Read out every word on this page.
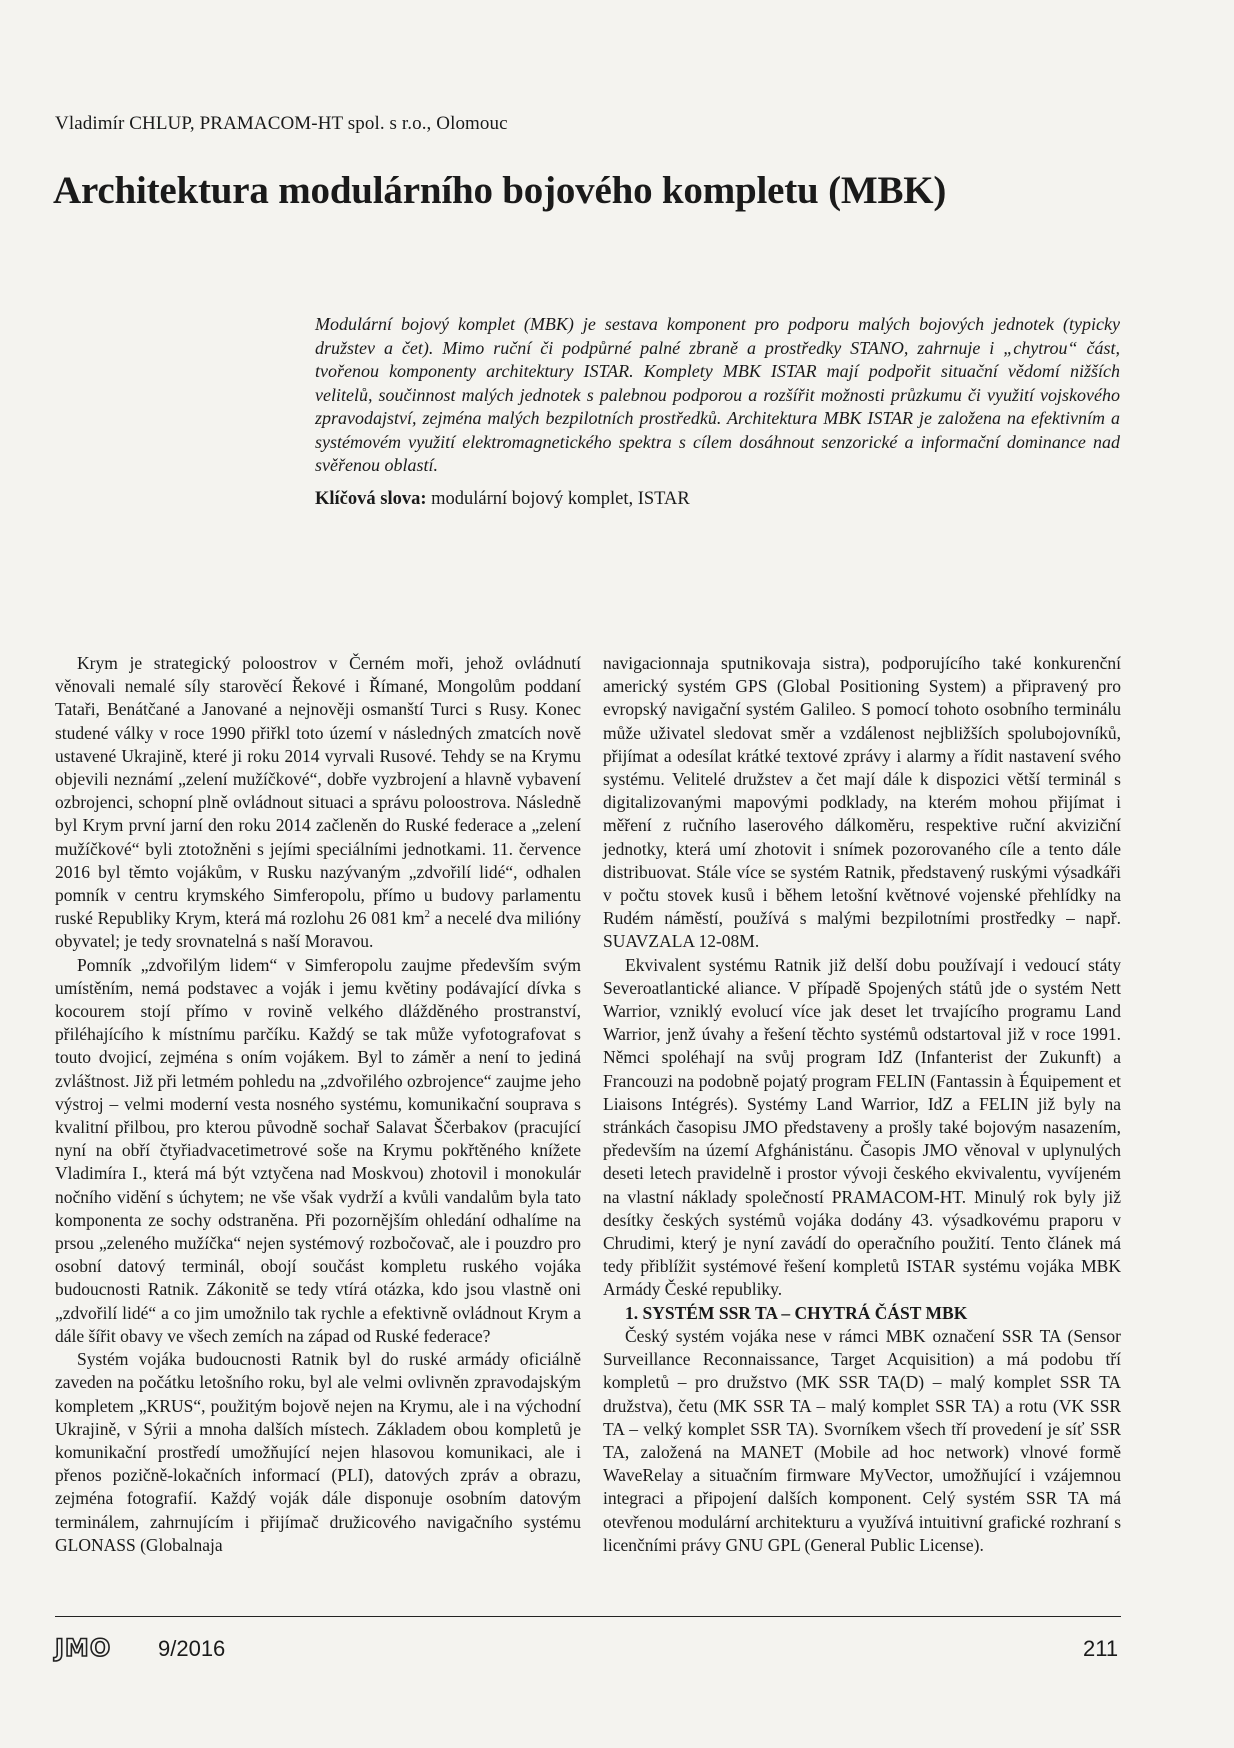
Vladimír CHLUP, PRAMACOM-HT spol. s r.o., Olomouc
Architektura modulárního bojového kompletu (MBK)

Modulární bojový komplet (MBK) je sestava komponent pro podporu malých bojových jednotek (typicky družstev a čet). Mimo ruční či podpůrné palné zbraně a prostředky STANO, zahrnuje i „chytrou“ část, tvořenou komponenty architektury ISTAR. Komplety MBK ISTAR mají podpořit situační vědomí nižších velitelů, součinnost malých jednotek s palebnou podporou a rozšířit možnosti průzkumu či využití vojskového zpravodajství, zejména malých bezpilotních prostředků. Architektura MBK ISTAR je založena na efektivním a systémovém využití elektromagnetického spektra s cílem dosáhnout senzorické a informační dominance nad svěřenou oblastí.

Klíčová slova: modulární bojový komplet, ISTAR

Krym je strategický poloostrov v Černém moři, jehož ovládnutí věnovali nemalé síly starověcí Řekové i Římané, Mongolům poddaní Tataři, Benátčané a Janované a nejnověji osmanští Turci s Rusy. Konec studené války v roce 1990 přiřkl toto území v následných zmatcích nově ustavené Ukrajině, které ji roku 2014 vyrvali Rusové. Tehdy se na Krymu objevili neznámí „zelení mužíčkové“, dobře vyzbrojení a hlavně vybavení ozbrojenci, schopní plně ovládnout situaci a správu poloostrova. Následně byl Krym první jarní den roku 2014 začleněn do Ruské federace a „zelení mužíčkové“ byli ztotožněni s jejími speciálními jednotkami. 11. července 2016 byl těmto vojákům, v Rusku nazývaným „zdvořilí lidé“, odhalen pomník v centru krymského Simferopolu, přímo u budovy parlamentu ruské Republiky Krym, která má rozlohu 26 081 $km^2$ a necelé dva milióny obyvatel; je tedy srovnatelná s naší Moravou.

Pomník „zdvořilým lidem“ v Simferopolu zaujme především svým umístěním, nemá podstavec a voják i jemu květiny podávající dívka s kocourem stojí přímo v rovině velkého dlážděného prostranství, přiléhajícího k místnímu parčíku. Každý se tak může vyfotografovat s touto dvojicí, zejména s oním vojákem. Byl to záměr a není to jediná zvláštnost. Již při letmém pohledu na „zdvořilého ozbrojence“ zaujme jeho výstroj – velmi moderní vesta nosného systému, komunikační souprava s kvalitní přilbou, pro kterou původně sochař Salavat Ščerbakov (pracující nyní na obří čtyřiadvacetimetrové soše na Krymu pokřtěného knížete Vladimíra I., která má být vztyčena nad Moskvou) zhotovil i monokulár nočního vidění s úchytem; ne vše však vydrží a kvůli vandalům byla tato komponenta ze sochy odstraněna. Při pozornějším ohledání odhalíme na prsou „zeleného mužíčka“ nejen systémový rozbočovač, ale i pouzdro pro osobní datový terminál, obojí součást kompletu ruského vojáka budoucnosti Ratnik. Zákonitě se tedy vtírá otázka, kdo jsou vlastně oni „zdvořilí lidé“ a co jim umožnilo tak rychle a efektivně ovládnout Krym a dále šířit obavy ve všech zemích na západ od Ruské federace?

Systém vojáka budoucnosti Ratnik byl do ruské armády oficiálně zaveden na počátku letošního roku, byl ale velmi ovlivněn zpravodajským kompletem „KRUS“, použitým bojově nejen na Krymu, ale i na východní Ukrajině, v Sýrii a mnoha dalších místech. Základem obou kompletů je komunikační prostředí umožňující nejen hlasovou komunikaci, ale i přenos pozičně-lokačních informací (PLI), datových zpráv a obrazu, zejména fotografií. Každý voják dále disponuje osobním datovým terminálem, zahrnujícím i přijímač družicového navigačního systému GLONASS (Globalnaja

navigacionnaja sputnikovaja sistra), podporujícího také konkurenční americký systém GPS (Global Positioning System) a připravený pro evropský navigační systém Galileo. S pomocí tohoto osobního terminálu může uživatel sledovat směr a vzdálenost nejbližších spolubojovníků, přijímat a odesílat krátké textové zprávy i alarmy a řídit nastavení svého systému. Velitelé družstev a čet mají dále k dispozici větší terminál s digitalizovanými mapovými podklady, na kterém mohou přijímat i měření z ručního laserového dálkoměru, respektive ruční akviziční jednotky, která umí zhotovit i snímek pozorovaného cíle a tento dále distribuovat. Stále více se systém Ratnik, představený ruskými výsadkáři v počtu stovek kusů i během letošní květnové vojenské přehlídky na Rudém náměstí, používá s malými bezpilotními prostředky – např. SUAVZALA 12-08M.

Ekvivalent systému Ratnik již delší dobu používají i vedoucí státy Severoatlantické aliance. V případě Spojených států jde o systém Nett Warrior, vzniklý evolucí více jak deset let trvajícího programu Land Warrior, jenž úvahy a řešení těchto systémů odstartoval již v roce 1991. Němci spoléhají na svůj program IdZ (Infanterist der Zukunft) a Francouzi na podobně pojatý program FELIN (Fantassin à Équipement et Liaisons Intégrés). Systémy Land Warrior, IdZ a FELIN již byly na stránkách časopisu JMO představeny a prošly také bojovým nasazením, především na území Afghánistánu. Časopis JMO věnoval v uplynulých deseti letech pravidelně i prostor vývoji českého ekvivalentu, vyvíjeném na vlastní náklady společností PRAMACOM-HT. Minulý rok byly již desítky českých systémů vojáka dodány 43. výsadkovému praporu v Chrudimi, který je nyní zavádí do operačního použití. Tento článek má tedy přiblížit systémové řešení kompletů ISTAR systému vojáka MBK Armády České republiky.

1. SYSTÉM SSR TA – CHYTRÁ ČÁST MBK

Český systém vojáka nese v rámci MBK označení SSR TA (Sensor Surveillance Reconnaissance, Target Acquisition) a má podobu tří kompletů – pro družstvo (MK SSR TA(D) – malý komplet SSR TA družstva), četu (MK SSR TA – malý komplet SSR TA) a rotu (VK SSR TA – velký komplet SSR TA). Svorníkem všech tří provedení je síť SSR TA, založená na MANET (Mobile ad hoc network) vlnové formě WaveRelay a situačním firmware MyVector, umožňující i vzájemnou integraci a připojení dalších komponent. Celý systém SSR TA má otevřenou modulární architekturu a využívá intuitivní grafické rozhraní s licenčními právy GNU GPL (General Public License).

JMO 9/2016	211
